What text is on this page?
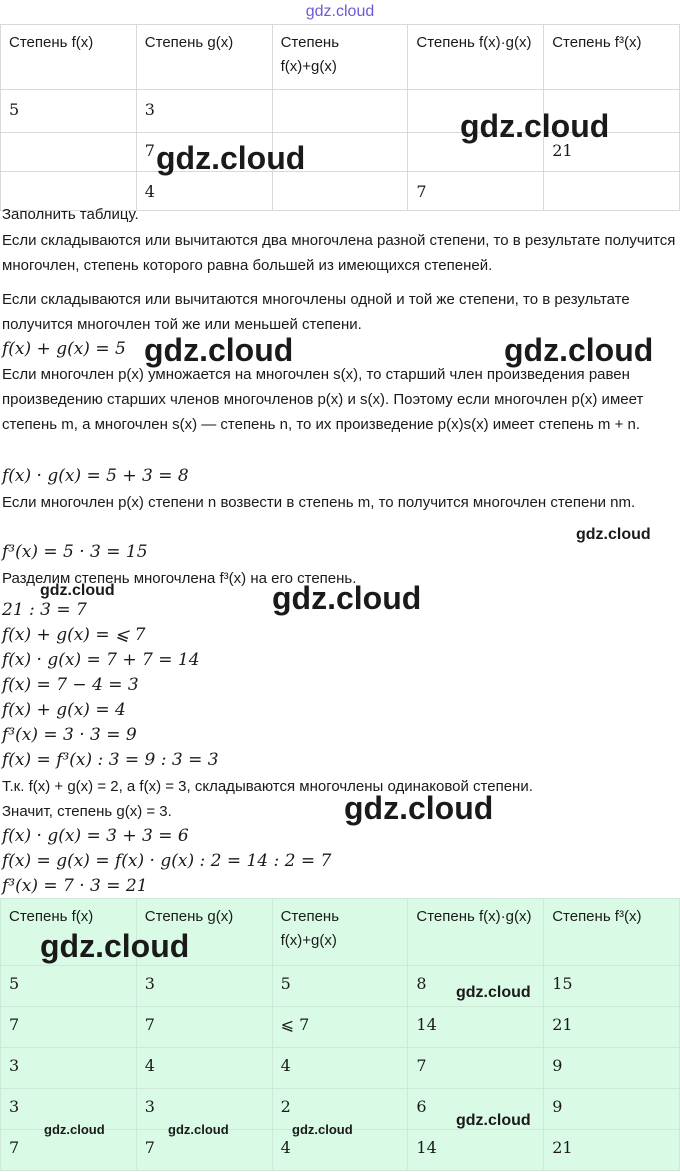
gdz.cloud
Степень f(x)	Степень g(x)	Степень f(x)+g(x)	Степень f(x)·g(x)	Степень f³(x)
5	3			
	7			21
	4		7	
Заполнить таблицу.
Если складываются или вычитаются два многочлена разной степени, то в результате получится многочлен, степень которого равна большей из имеющихся степеней.
Если складываются или вычитаются многочлены одной и той же степени, то в результате получится многочлен той же или меньшей степени.
f(x) + g(x) = 5
Если многочлен p(x) умножается на многочлен s(x), то старший член произведения равен произведению старших членов многочленов p(x) и s(x). Поэтому если многочлен p(x) имеет степень m, а многочлен s(x) — степень n, то их произведение p(x)s(x) имеет степень m + n.
f(x) · g(x) = 5 + 3 = 8
Если многочлен p(x) степени n возвести в степень m, то получится многочлен степени nm.
f³(x) = 5 · 3 = 15
Разделим степень многочлена f³(x) на его степень.
21 : 3 = 7
f(x) + g(x) = ⩽ 7
f(x) · g(x) = 7 + 7 = 14
f(x) = 7 − 4 = 3
f(x) + g(x) = 4
f³(x) = 3 · 3 = 9
f(x) = f³(x) : 3 = 9 : 3 = 3
Т.к. f(x) + g(x) = 2, а f(x) = 3, складываются многочлены одинаковой степени.
Значит, степень g(x) = 3.
f(x) · g(x) = 3 + 3 = 6
f(x) = g(x) = f(x) · g(x) : 2 = 14 : 2 = 7
f³(x) = 7 · 3 = 21
Степень f(x)	Степень g(x)	Степень f(x)+g(x)	Степень f(x)·g(x)	Степень f³(x)
5	3	5	8	15
7	7	⩽ 7	14	21
3	4	4	7	9
3	3	2	6	9
7	7	4	14	21
gdz.cloud
gdz.cloud
gdz.cloud	gdz.cloud
gdz.cloud
gdz.cloud	gdz.cloud
gdz.cloud
gdz.cloud
gdz.cloud
gdz.cloud
gdz.cloud	gdz.cloud	gdz.cloud
